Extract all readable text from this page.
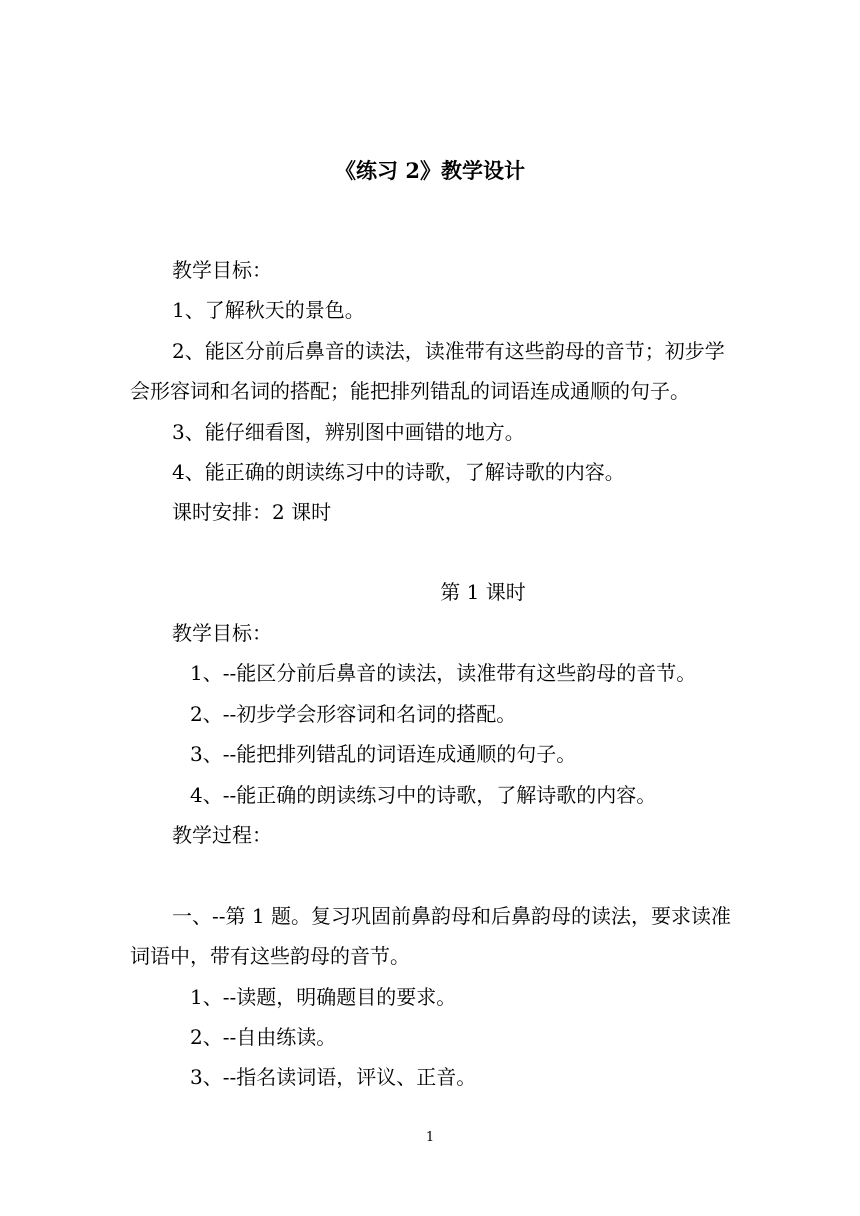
《练习 2》教学设计
教学目标：
1、了解秋天的景色。
2、能区分前后鼻音的读法，读准带有这些韵母的音节；初步学
会形容词和名词的搭配；能把排列错乱的词语连成通顺的句子。
3、能仔细看图，辨别图中画错的地方。
4、能正确的朗读练习中的诗歌，了解诗歌的内容。
课时安排：2 课时
第 1 课时
教学目标：
1、--能区分前后鼻音的读法，读准带有这些韵母的音节。
2、--初步学会形容词和名词的搭配。
3、--能把排列错乱的词语连成通顺的句子。
4、--能正确的朗读练习中的诗歌，了解诗歌的内容。
教学过程：
一、--第 1 题。复习巩固前鼻韵母和后鼻韵母的读法，要求读准
词语中，带有这些韵母的音节。
1、--读题，明确题目的要求。
2、--自由练读。
3、--指名读词语，评议、正音。
1
